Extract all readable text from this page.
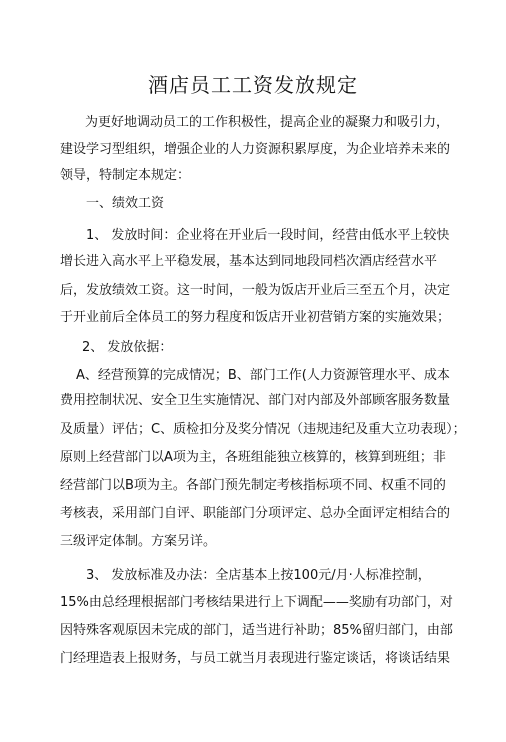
酒店员工工资发放规定
为更好地调动员工的工作积极性，提高企业的凝聚力和吸引力，
建设学习型组织，增强企业的人力资源积累厚度，为企业培养未来的
领导，特制定本规定：
一、绩效工资
1、 发放时间：企业将在开业后一段时间，经营由低水平上较快
增长进入高水平上平稳发展，基本达到同地段同档次酒店经营水平
后，发放绩效工资。这一时间，一般为饭店开业后三至五个月，决定
于开业前后全体员工的努力程度和饭店开业初营销方案的实施效果；
2、 发放依据：
A、经营预算的完成情况；B、部门工作(人力资源管理水平、成本
费用控制状况、安全卫生实施情况、部门对内部及外部顾客服务数量
及质量）评估；C、质检扣分及奖分情况（违规违纪及重大立功表现）；
原则上经营部门以A项为主，各班组能独立核算的，核算到班组；非
经营部门以B项为主。各部门预先制定考核指标项不同、权重不同的
考核表，采用部门自评、职能部门分项评定、总办全面评定相结合的
三级评定体制。方案另详。
3、 发放标准及办法：全店基本上按100元/月·人标准控制，
15%由总经理根据部门考核结果进行上下调配——奖励有功部门，对
因特殊客观原因未完成的部门，适当进行补助；85%留归部门，由部
门经理造表上报财务，与员工就当月表现进行鉴定谈话，将谈话结果
